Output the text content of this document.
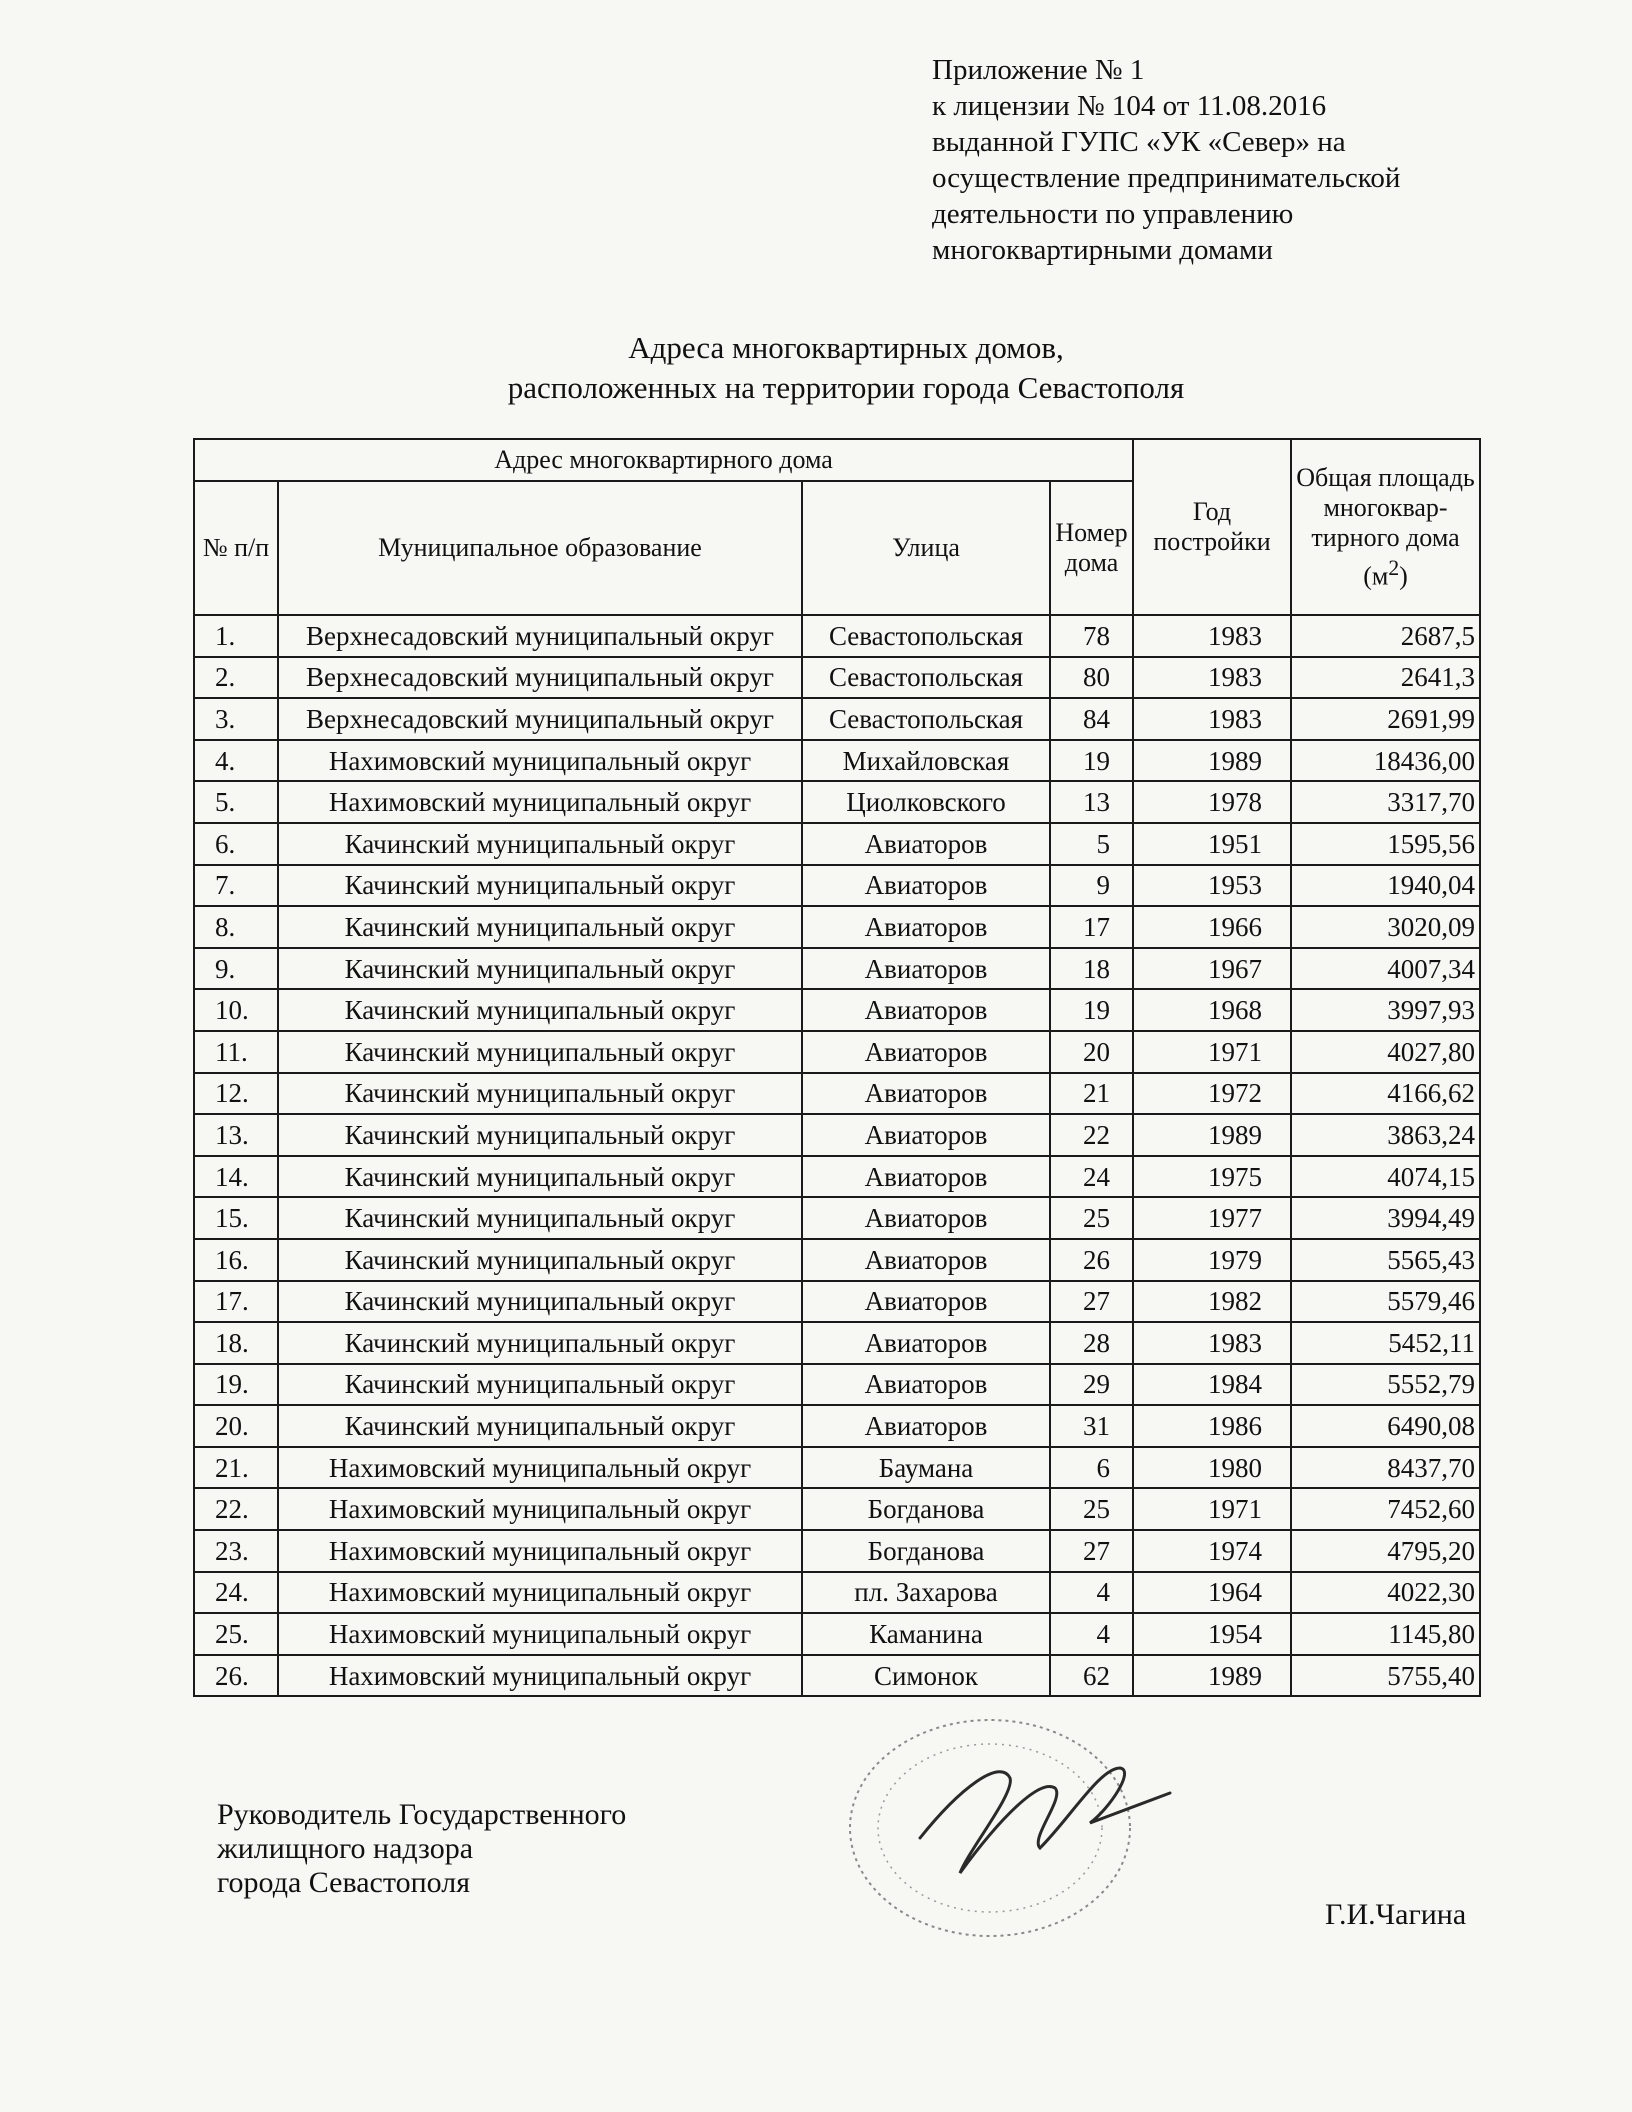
Приложение № 1
к лицензии № 104 от 11.08.2016
выданной ГУПС «УК «Север» на
осуществление предпринимательской
деятельности по управлению
многоквартирными домами
Адреса многоквартирных домов,
расположенных на территории города Севастополя
Адрес многоквартирного дома				Год постройки	Общая площадь многоквар-тирного дома $(м^2)$
№ п/п	Муниципальное образование	Улица	Номер дома		
1.	Верхнесадовский муниципальный округ	Севастопольская	78	1983	2687,5
2.	Верхнесадовский муниципальный округ	Севастопольская	80	1983	2641,3
3.	Верхнесадовский муниципальный округ	Севастопольская	84	1983	2691,99
4.	Нахимовский муниципальный округ	Михайловская	19	1989	18436,00
5.	Нахимовский муниципальный округ	Циолковского	13	1978	3317,70
6.	Качинский муниципальный округ	Авиаторов	5	1951	1595,56
7.	Качинский муниципальный округ	Авиаторов	9	1953	1940,04
8.	Качинский муниципальный округ	Авиаторов	17	1966	3020,09
9.	Качинский муниципальный округ	Авиаторов	18	1967	4007,34
10.	Качинский муниципальный округ	Авиаторов	19	1968	3997,93
11.	Качинский муниципальный округ	Авиаторов	20	1971	4027,80
12.	Качинский муниципальный округ	Авиаторов	21	1972	4166,62
13.	Качинский муниципальный округ	Авиаторов	22	1989	3863,24
14.	Качинский муниципальный округ	Авиаторов	24	1975	4074,15
15.	Качинский муниципальный округ	Авиаторов	25	1977	3994,49
16.	Качинский муниципальный округ	Авиаторов	26	1979	5565,43
17.	Качинский муниципальный округ	Авиаторов	27	1982	5579,46
18.	Качинский муниципальный округ	Авиаторов	28	1983	5452,11
19.	Качинский муниципальный округ	Авиаторов	29	1984	5552,79
20.	Качинский муниципальный округ	Авиаторов	31	1986	6490,08
21.	Нахимовский муниципальный округ	Баумана	6	1980	8437,70
22.	Нахимовский муниципальный округ	Богданова	25	1971	7452,60
23.	Нахимовский муниципальный округ	Богданова	27	1974	4795,20
24.	Нахимовский муниципальный округ	пл. Захарова	4	1964	4022,30
25.	Нахимовский муниципальный округ	Каманина	4	1954	1145,80
26.	Нахимовский муниципальный округ	Симонок	62	1989	5755,40
Руководитель Государственного
жилищного надзора
города Севастополя
Г.И.Чагина
